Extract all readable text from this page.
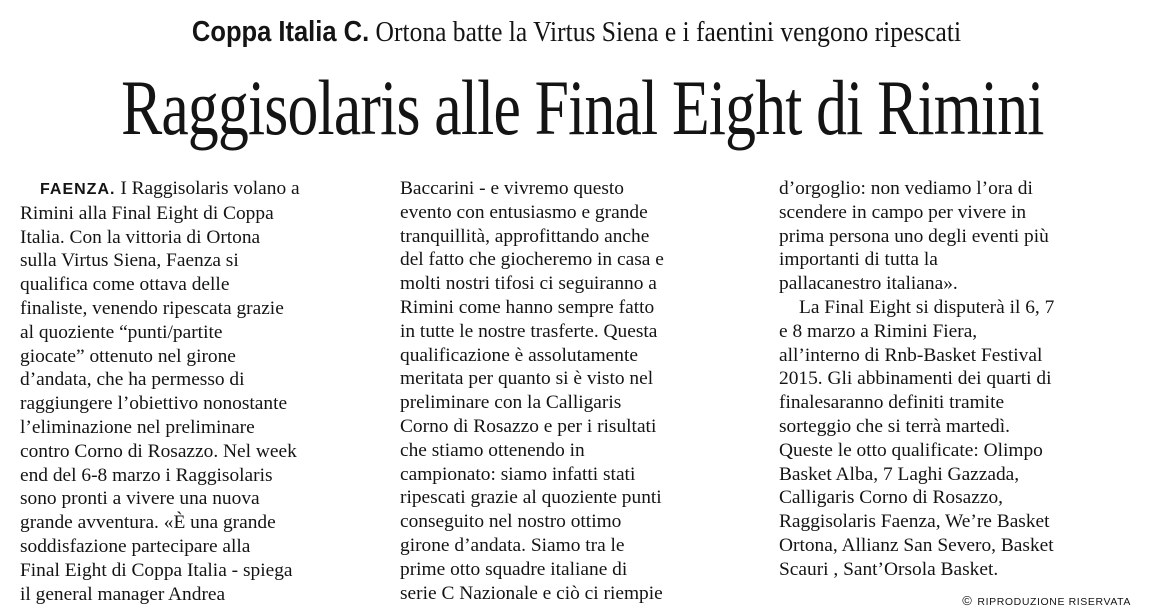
Coppa Italia C. Ortona batte la Virtus Siena e i faentini vengono ripescati
Raggisolaris alle Final Eight di Rimini

FAENZA. I Raggisolaris volano a

Rimini alla Final Eight di Coppa

Italia. Con la vittoria di Ortona

sulla Virtus Siena, Faenza si

qualifica come ottava delle

finaliste, venendo ripescata grazie

al quoziente “punti/partite

giocate” ottenuto nel girone

d’andata, che ha permesso di

raggiungere l’obiettivo nonostante

l’eliminazione nel preliminare

contro Corno di Rosazzo. Nel week

end del 6-8 marzo i Raggisolaris

sono pronti a vivere una nuova

grande avventura. «È una grande

soddisfazione partecipare alla

Final Eight di Coppa Italia - spiega

il general manager Andrea

Baccarini - e vivremo questo

evento con entusiasmo e grande

tranquillità, approfittando anche

del fatto che giocheremo in casa e

molti nostri tifosi ci seguiranno a

Rimini come hanno sempre fatto

in tutte le nostre trasferte. Questa

qualificazione è assolutamente

meritata per quanto si è visto nel

preliminare con la Calligaris

Corno di Rosazzo e per i risultati

che stiamo ottenendo in

campionato: siamo infatti stati

ripescati grazie al quoziente punti

conseguito nel nostro ottimo

girone d’andata. Siamo tra le

prime otto squadre italiane di

serie C Nazionale e ciò ci riempie

d’orgoglio: non vediamo l’ora di

scendere in campo per vivere in

prima persona uno degli eventi più

importanti di tutta la

pallacanestro italiana».

La Final Eight si disputerà il 6, 7

e 8 marzo a Rimini Fiera,

all’interno di Rnb-Basket Festival

2015. Gli abbinamenti dei quarti di

finalesaranno definiti tramite

sorteggio che si terrà martedì.

Queste le otto qualificate: Olimpo

Basket Alba, 7 Laghi Gazzada,

Calligaris Corno di Rosazzo,

Raggisolaris Faenza, We’re Basket

Ortona, Allianz San Severo, Basket

Scauri , Sant’Orsola Basket.

© RIPRODUZIONE RISERVATA
